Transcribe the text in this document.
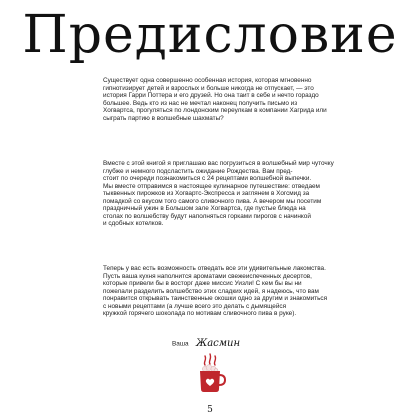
Предисловие
Существует одна совершенно особенная история, которая мгновенно
гипнотизирует детей и взрослых и больше никогда не отпускает, — это
история Гарри Поттера и его друзей. Но она таит в себе и нечто гораздо
большее. Ведь кто из нас не мечтал наконец получить письмо из
Хогвартса, прогуляться по лондонским переулкам в компании Хагрида или
сыграть партию в волшебные шахматы?
Вместе с этой книгой я приглашаю вас погрузиться в волшебный мир чуточку
глубже и немного подсластить ожидание Рождества. Вам пред-
стоит по очереди познакомиться с 24 рецептами волшебной выпечки.
Мы вместе отправимся в настоящее кулинарное путешествие: отведаем
тыквенных пирожков из Хогвартс-Экспресса и заглянем в Хогсмид за
помадкой со вкусом того самого сливочного пива. А вечером мы посетим
праздничный ужин в Большом зале Хогвартса, где пустые блюда на
столах по волшебству будут наполняться горками пирогов с начинкой
и сдобных котелков.
Теперь у вас есть возможность отведать все эти удивительные лакомства.
Пусть ваша кухня наполнится ароматами свежеиспеченных десертов,
которые привели бы в восторг даже миссис Уизли! С кем бы вы ни
пожелали разделить волшебство этих сладких идей, я надеюсь, что вам
понравится открывать таинственные окошки одно за другим и знакомиться
с новыми рецептами (а лучше всего это делать с дымящейся
кружкой горячего шоколада по мотивам сливочного пива в руке).
Ваша Жасмин
5
